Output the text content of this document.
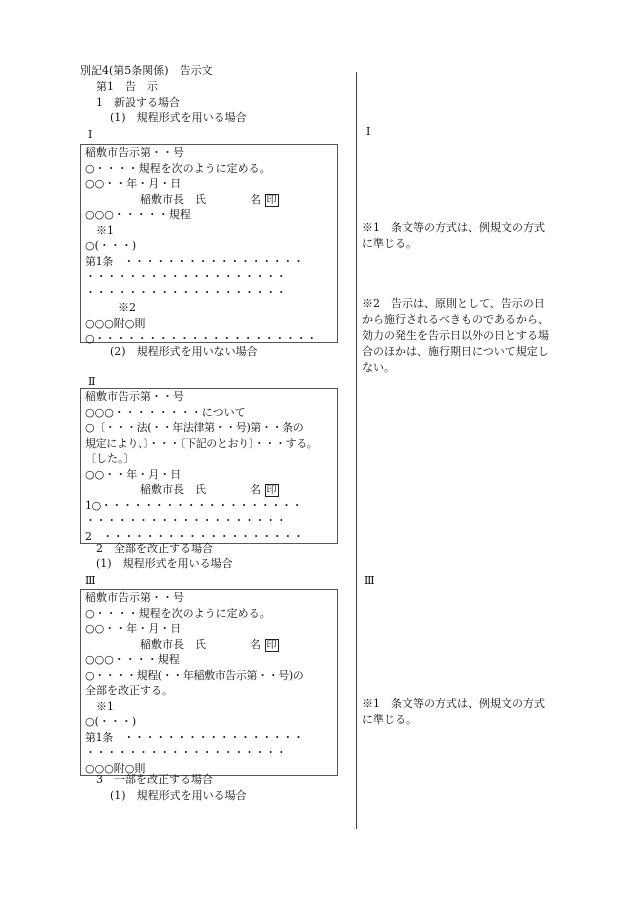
別記4(第5条関係)　告示文
第1　告　示
1　新設する場合
(1)　規程形式を用いる場合
Ⅰ
稲敷市告示第・・号
○・・・・規程を次のように定める。
○○・・年・月・日
　　　　　稲敷市長　氏　　　　名 印
○○○・・・・・規程
　※1
○(・・・)
第1条　・・・・・・・・・・・・・・・・・
・・・・・・・・・・・・・・・・・・・
・・・・・・・・・・・・・・・・・・・
　　　※2
○○○附○則
○・・・・・・・・・・・・・・・・・・・・・
(2)　規程形式を用いない場合
Ⅱ
稲敷市告示第・・号
○○○・・・・・・・・について
○〔・・・法(・・年法律第・・号)第・・条の
規定により、〕・・・〔下記のとおり〕・・・する。
〔した。〕
○○・・年・月・日
　　　　　稲敷市長　氏　　　　名 印
1○・・・・・・・・・・・・・・・・・・・
・・・・・・・・・・・・・・・・・・・
2　・・・・・・・・・・・・・・・・・・・
2　全部を改正する場合
(1)　規程形式を用いる場合
Ⅲ
稲敷市告示第・・号
○・・・・規程を次のように定める。
○○・・年・月・日
　　　　　稲敷市長　氏　　　　名 印
○○○・・・・規程
○・・・・規程(・・年稲敷市告示第・・号)の
全部を改正する。
　※1
○(・・・)
第1条　・・・・・・・・・・・・・・・・・
・・・・・・・・・・・・・・・・・・・
○○○附○則
3　一部を改正する場合
(1)　規程形式を用いる場合
Ⅰ
※1　条文等の方式は、例規文の方式に準じる。
※2　告示は、原則として、告示の日から施行されるべきものであるから、効力の発生を告示日以外の日とする場合のほかは、施行期日について規定しない。
Ⅲ
※1　条文等の方式は、例規文の方式に準じる。
